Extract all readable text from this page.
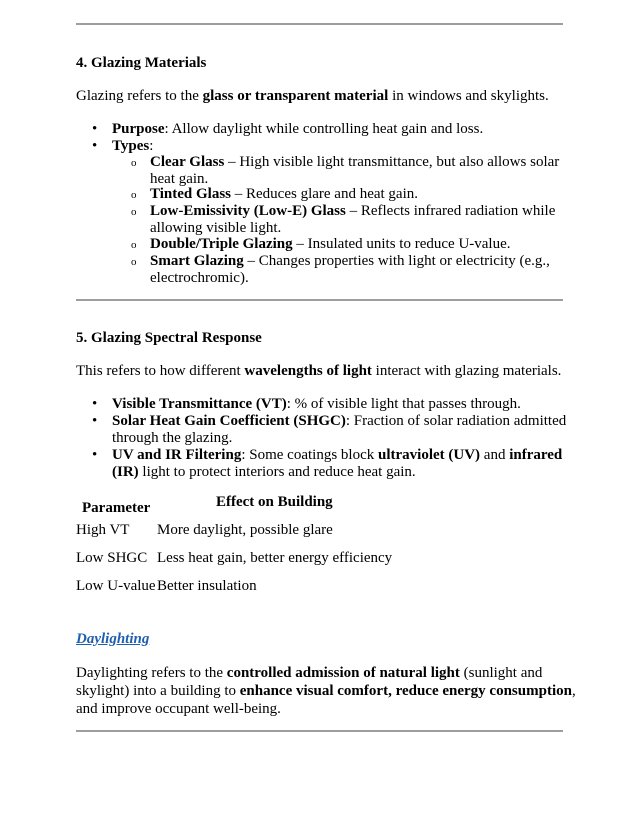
4. Glazing Materials
Glazing refers to the glass or transparent material in windows and skylights.
• Purpose: Allow daylight while controlling heat gain and loss.
• Types:
o Clear Glass – High visible light transmittance, but also allows solar
heat gain.
o Tinted Glass – Reduces glare and heat gain.
o Low-Emissivity (Low-E) Glass – Reflects infrared radiation while
allowing visible light.
o Double/Triple Glazing – Insulated units to reduce U-value.
o Smart Glazing – Changes properties with light or electricity (e.g.,
electrochromic).
5. Glazing Spectral Response
This refers to how different wavelengths of light interact with glazing materials.
• Visible Transmittance (VT): % of visible light that passes through.
• Solar Heat Gain Coefficient (SHGC): Fraction of solar radiation admitted
through the glazing.
• UV and IR Filtering: Some coatings block ultraviolet (UV) and infrared
(IR) light to protect interiors and reduce heat gain.
Parameter	Effect on Building
High VT More daylight, possible glare
Low SHGC Less heat gain, better energy efficiency
Low U-value Better insulation
Daylighting
Daylighting refers to the controlled admission of natural light (sunlight and
skylight) into a building to enhance visual comfort, reduce energy consumption,
and improve occupant well-being.
